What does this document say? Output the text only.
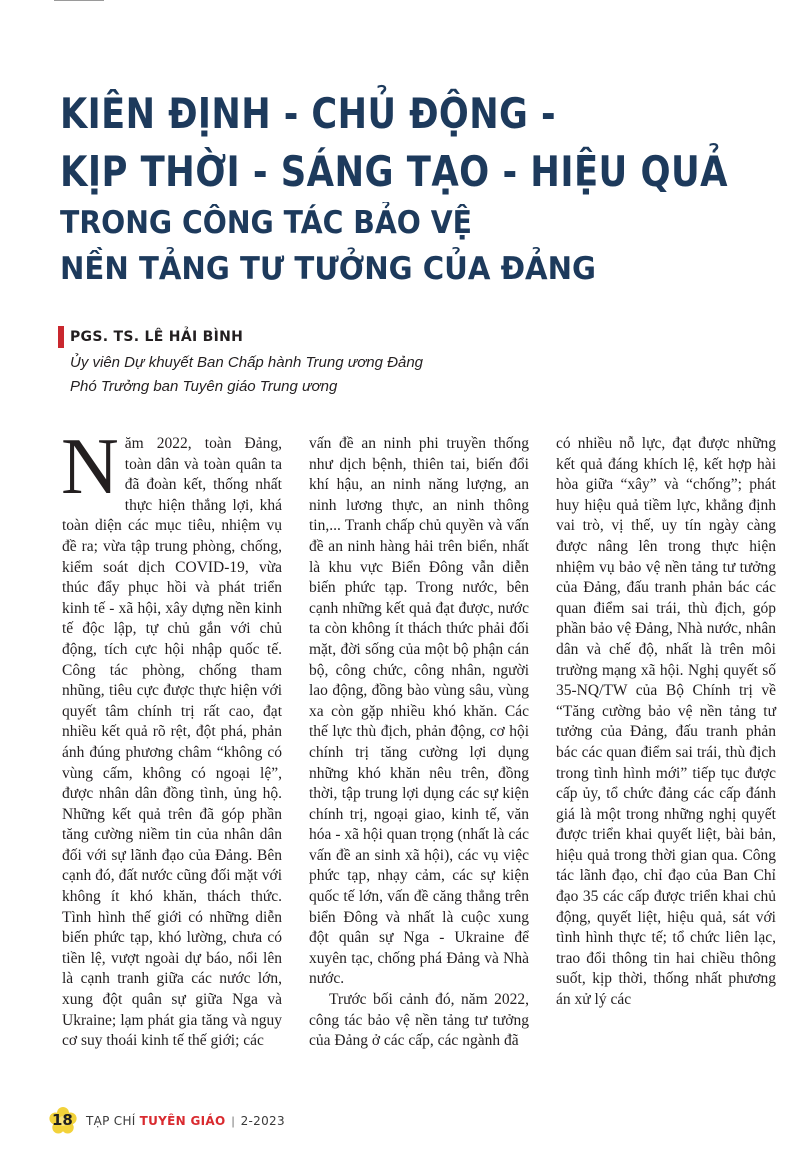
KIÊN ĐỊNH - CHỦ ĐỘNG -
KỊP THỜI - SÁNG TẠO - HIỆU QUẢ
TRONG CÔNG TÁC BẢO VỆ
NỀN TẢNG TƯ TƯỞNG CỦA ĐẢNG
PGS. TS. LÊ HẢI BÌNH
Ủy viên Dự khuyết Ban Chấp hành Trung ương Đảng
Phó Trưởng ban Tuyên giáo Trung ương

Năm 2022, toàn Đảng, toàn dân và toàn quân ta đã đoàn kết, thống nhất thực hiện thắng lợi, khá toàn diện các mục tiêu, nhiệm vụ đề ra; vừa tập trung phòng, chống, kiểm soát dịch COVID-19, vừa thúc đẩy phục hồi và phát triển kinh tế - xã hội, xây dựng nền kinh tế độc lập, tự chủ gắn với chủ động, tích cực hội nhập quốc tế. Công tác phòng, chống tham nhũng, tiêu cực được thực hiện với quyết tâm chính trị rất cao, đạt nhiều kết quả rõ rệt, đột phá, phản ánh đúng phương châm “không có vùng cấm, không có ngoại lệ”, được nhân dân đồng tình, ủng hộ. Những kết quả trên đã góp phần tăng cường niềm tin của nhân dân đối với sự lãnh đạo của Đảng. Bên cạnh đó, đất nước cũng đối mặt với không ít khó khăn, thách thức. Tình hình thế giới có những diễn biến phức tạp, khó lường, chưa có tiền lệ, vượt ngoài dự báo, nổi lên là cạnh tranh giữa các nước lớn, xung đột quân sự giữa Nga và Ukraine; lạm phát gia tăng và nguy cơ suy thoái kinh tế thế giới; các

vấn đề an ninh phi truyền thống như dịch bệnh, thiên tai, biến đổi khí hậu, an ninh năng lượng, an ninh lương thực, an ninh thông tin,... Tranh chấp chủ quyền và vấn đề an ninh hàng hải trên biển, nhất là khu vực Biển Đông vẫn diễn biến phức tạp. Trong nước, bên cạnh những kết quả đạt được, nước ta còn không ít thách thức phải đối mặt, đời sống của một bộ phận cán bộ, công chức, công nhân, người lao động, đồng bào vùng sâu, vùng xa còn gặp nhiều khó khăn. Các thế lực thù địch, phản động, cơ hội chính trị tăng cường lợi dụng những khó khăn nêu trên, đồng thời, tập trung lợi dụng các sự kiện chính trị, ngoại giao, kinh tế, văn hóa - xã hội quan trọng (nhất là các vấn đề an sinh xã hội), các vụ việc phức tạp, nhạy cảm, các sự kiện quốc tế lớn, vấn đề căng thẳng trên biển Đông và nhất là cuộc xung đột quân sự Nga - Ukraine để xuyên tạc, chống phá Đảng và Nhà nước.

Trước bối cảnh đó, năm 2022, công tác bảo vệ nền tảng tư tưởng của Đảng ở các cấp, các ngành đã

có nhiều nỗ lực, đạt được những kết quả đáng khích lệ, kết hợp hài hòa giữa “xây” và “chống”; phát huy hiệu quả tiềm lực, khẳng định vai trò, vị thế, uy tín ngày càng được nâng lên trong thực hiện nhiệm vụ bảo vệ nền tảng tư tưởng của Đảng, đấu tranh phản bác các quan điểm sai trái, thù địch, góp phần bảo vệ Đảng, Nhà nước, nhân dân và chế độ, nhất là trên môi trường mạng xã hội. Nghị quyết số 35-NQ/TW của Bộ Chính trị về “Tăng cường bảo vệ nền tảng tư tưởng của Đảng, đấu tranh phản bác các quan điểm sai trái, thù địch trong tình hình mới” tiếp tục được cấp ủy, tổ chức đảng các cấp đánh giá là một trong những nghị quyết được triển khai quyết liệt, bài bản, hiệu quả trong thời gian qua. Công tác lãnh đạo, chỉ đạo của Ban Chỉ đạo 35 các cấp được triển khai chủ động, quyết liệt, hiệu quả, sát với tình hình thực tế; tổ chức liên lạc, trao đổi thông tin hai chiều thông suốt, kịp thời, thống nhất phương án xử lý các

18 TẠP CHÍ TUYÊN GIÁO | 2-2023
